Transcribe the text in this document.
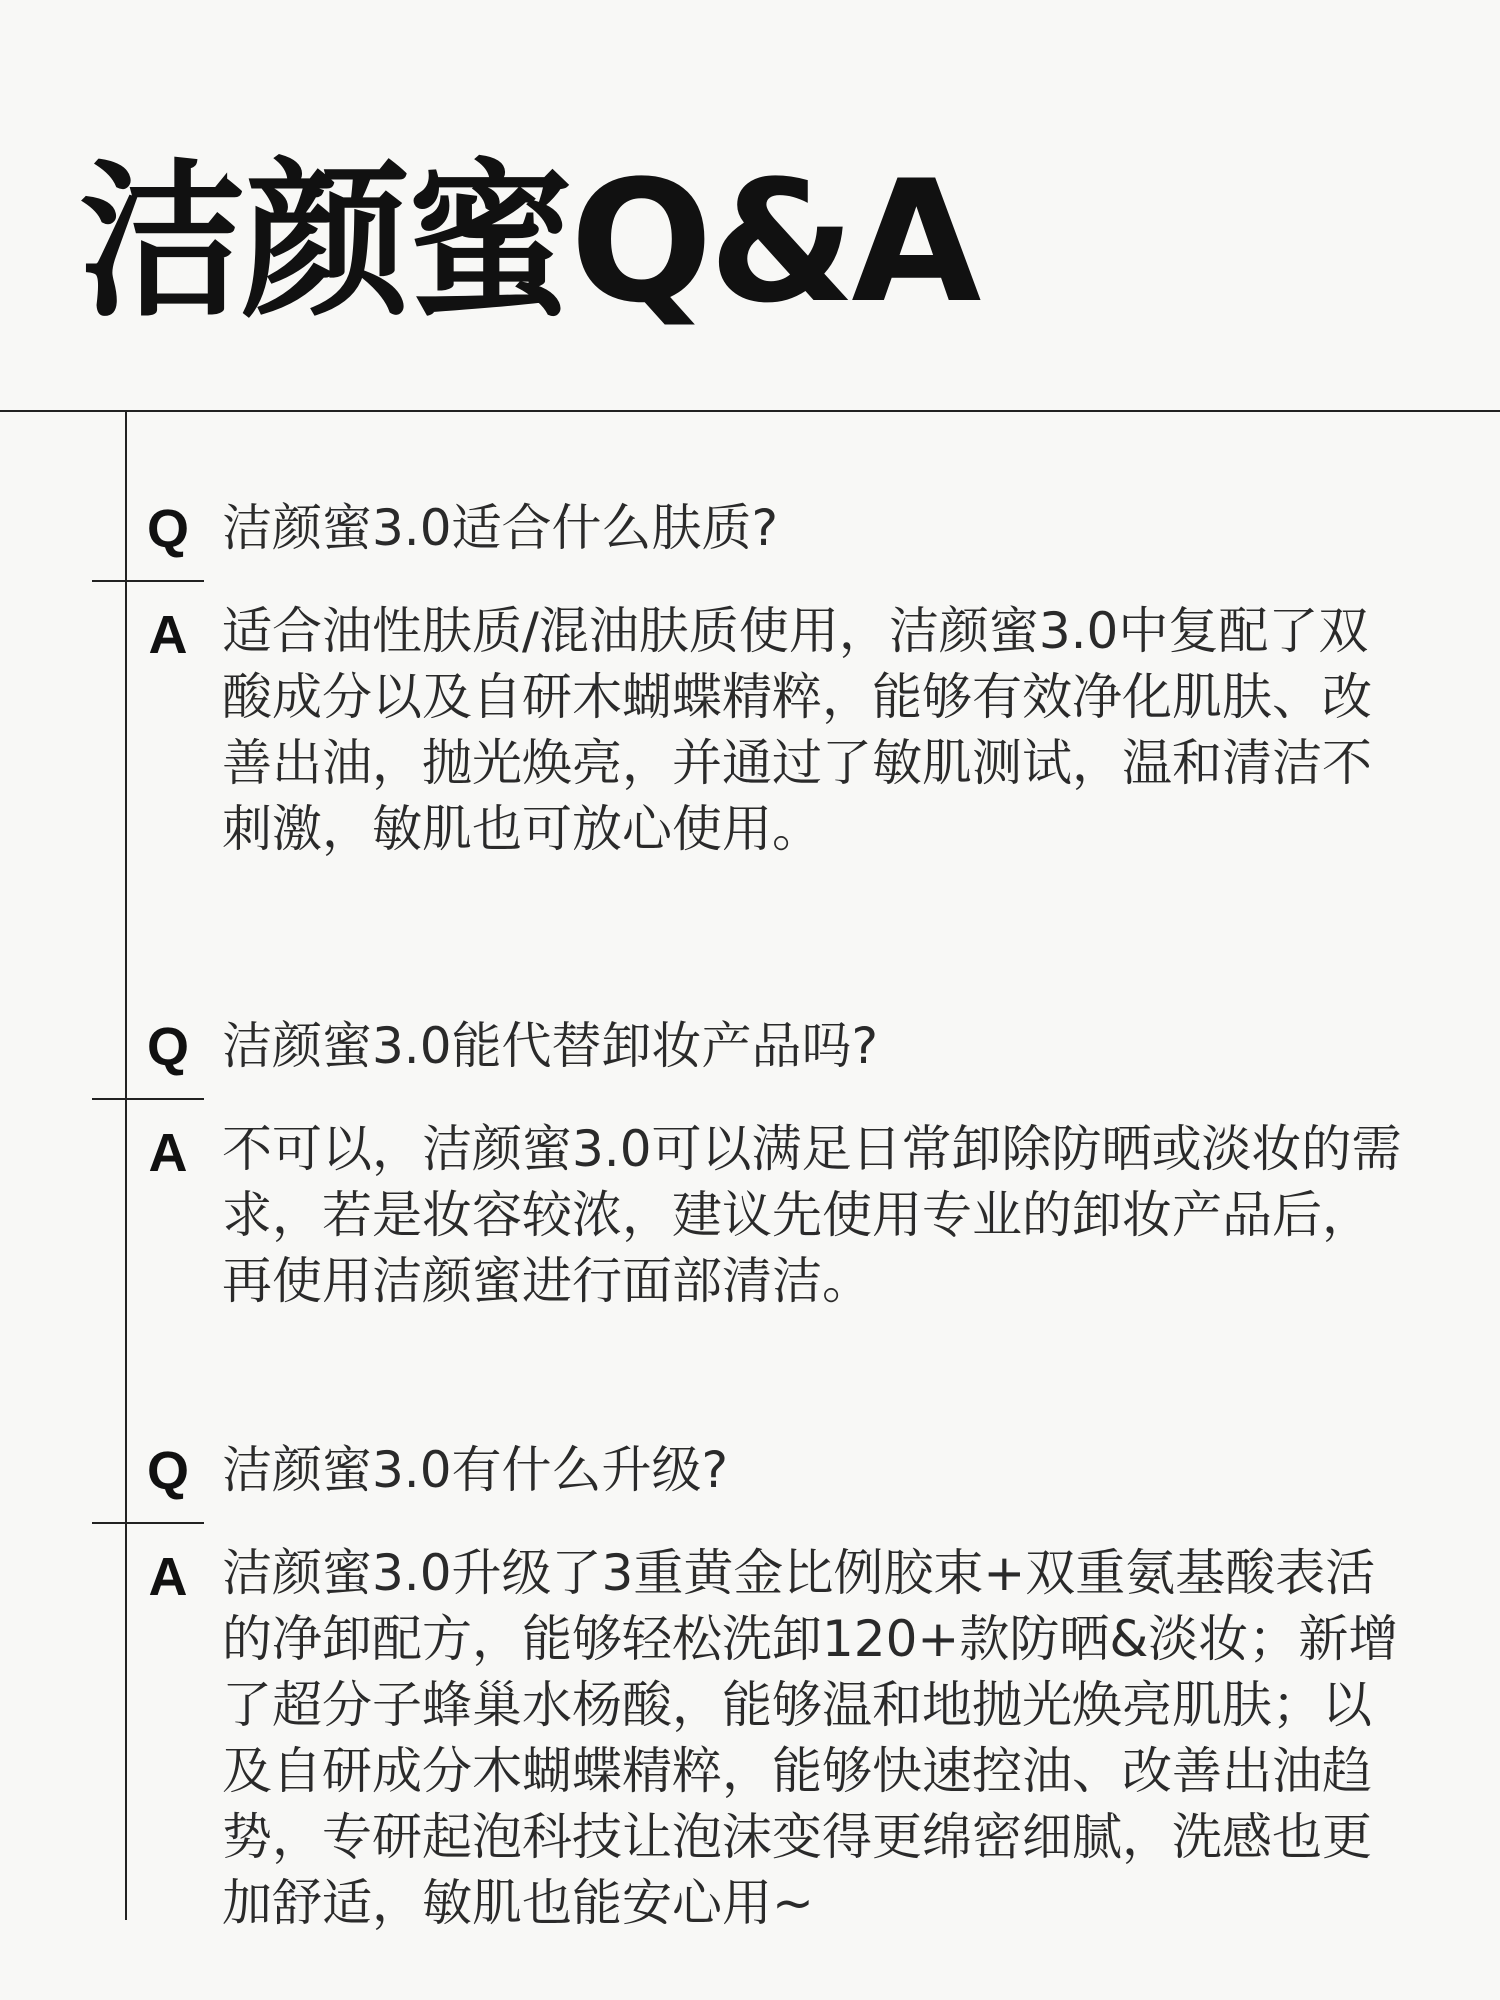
洁颜蜜Q&A
Q 洁颜蜜3.0适合什么肤质?
A 适合油性肤质/混油肤质使用，洁颜蜜3.0中复配了双酸成分以及自研木蝴蝶精粹，能够有效净化肌肤、改善出油，抛光焕亮，并通过了敏肌测试，温和清洁不刺激，敏肌也可放心使用。
Q 洁颜蜜3.0能代替卸妆产品吗?
A 不可以，洁颜蜜3.0可以满足日常卸除防晒或淡妆的需求，若是妆容较浓，建议先使用专业的卸妆产品后，再使用洁颜蜜进行面部清洁。
Q 洁颜蜜3.0有什么升级?
A 洁颜蜜3.0升级了3重黄金比例胶束+双重氨基酸表活的净卸配方，能够轻松洗卸120+款防晒&淡妆；新增了超分子蜂巢水杨酸，能够温和地抛光焕亮肌肤；以及自研成分木蝴蝶精粹，能够快速控油、改善出油趋势，专研起泡科技让泡沫变得更绵密细腻，洗感也更加舒适，敏肌也能安心用~
